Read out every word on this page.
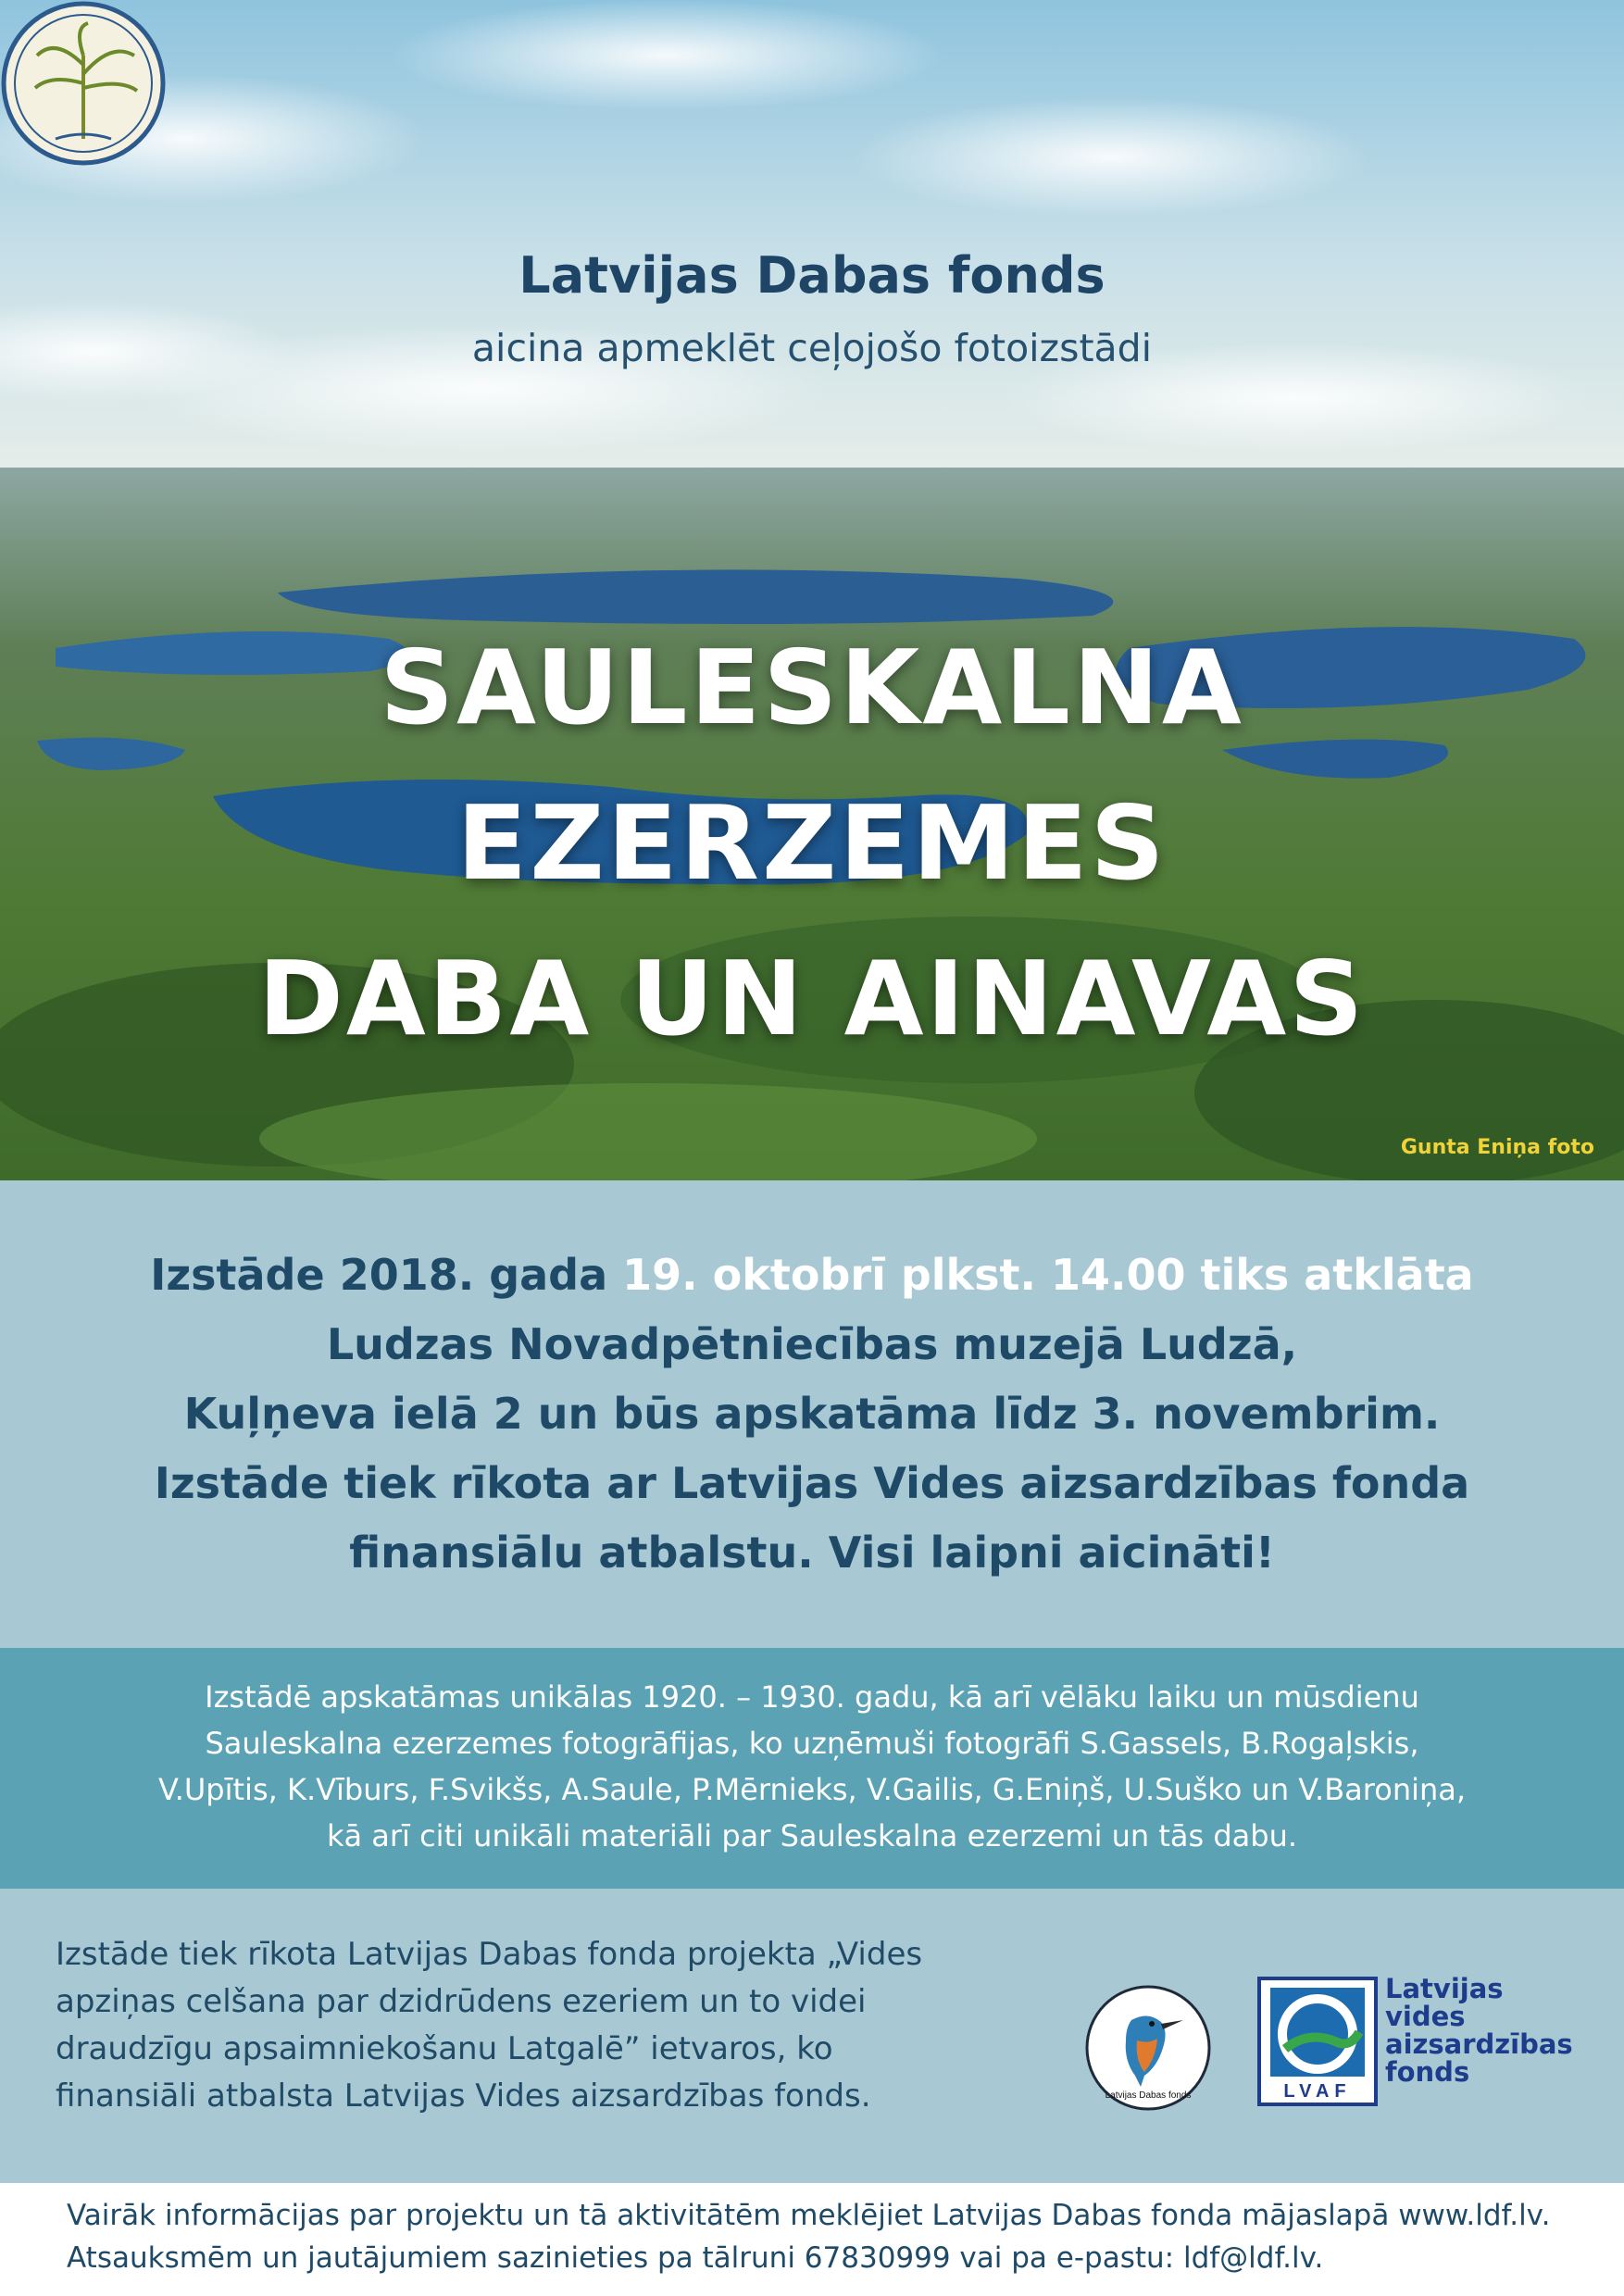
Latvijas Dabas fonds
aicina apmeklēt ceļojošo fotoizstādi
SAULESKALNA
EZERZEMES
DABA UN AINAVAS
Gunta Eniņa foto
Izstāde 2018. gada 19. oktobrī plkst. 14.00 tiks atklāta
Ludzas Novadpētniecības muzejā Ludzā,
Kuļņeva ielā 2 un būs apskatāma līdz 3. novembrim.
Izstāde tiek rīkota ar Latvijas Vides aizsardzības fonda
finansiālu atbalstu. Visi laipni aicināti!
Izstādē apskatāmas unikālas 1920. – 1930. gadu, kā arī vēlāku laiku un mūsdienu
Sauleskalna ezerzemes fotogrāfijas, ko uzņēmuši fotogrāfi S.Gassels, B.Rogaļskis,
V.Upītis, K.Vīburs, F.Svikšs, A.Saule, P.Mērnieks, V.Gailis, G.Eniņš, U.Suško un V.Baroniņa,
kā arī citi unikāli materiāli par Sauleskalna ezerzemi un tās dabu.
Izstāde tiek rīkota Latvijas Dabas fonda projekta „Vides
apziņas celšana par dzidrūdens ezeriem un to videi
draudzīgu apsaimniekošanu Latgalē” ietvaros, ko
finansiāli atbalsta Latvijas Vides aizsardzības fonds.	Latvijas Dabas fonds	LVAF
Latvijas
vides
aizsardzības
fonds
Vairāk informācijas par projektu un tā aktivitātēm meklējiet Latvijas Dabas fonda mājaslapā www.ldf.lv.
Atsauksmēm un jautājumiem sazinieties pa tālruni 67830999 vai pa e-pastu: ldf@ldf.lv.
